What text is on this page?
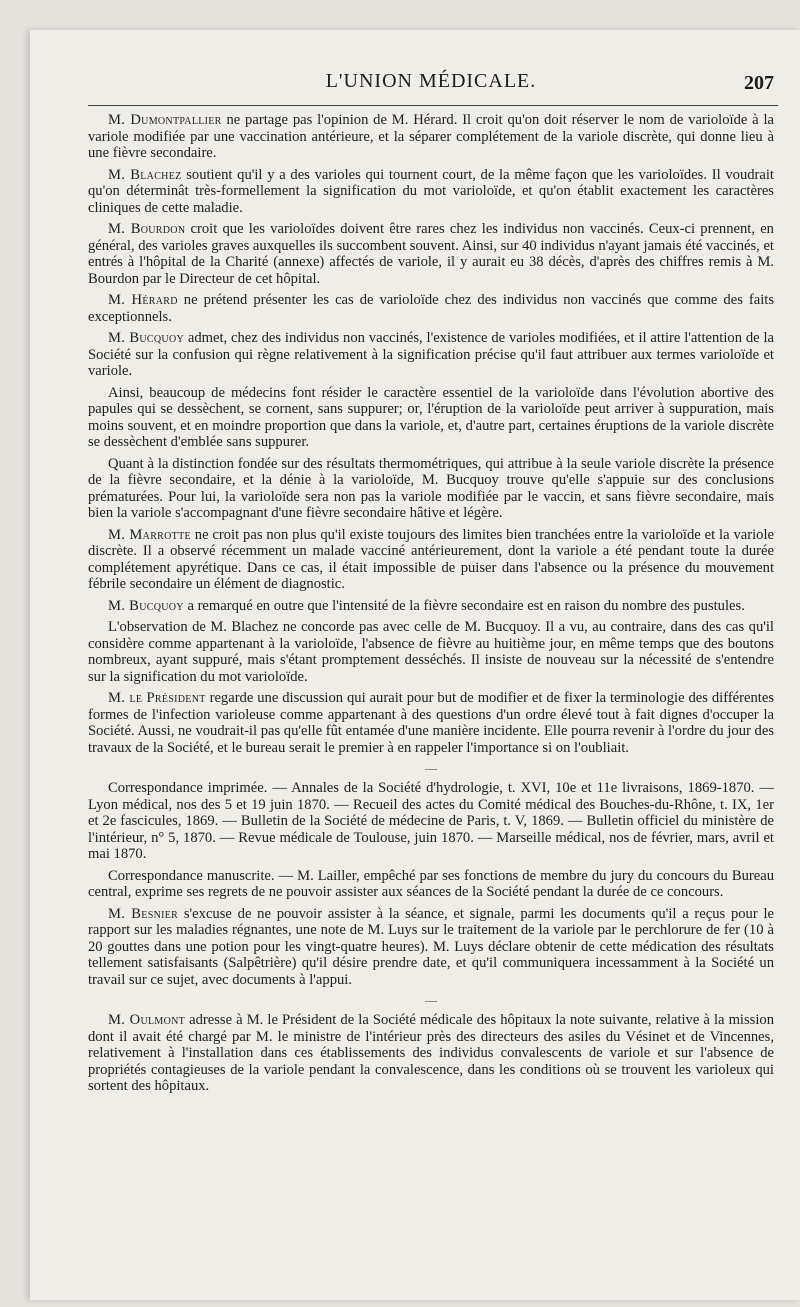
L'UNION MÉDICALE.	207

M. Dumontpallier ne partage pas l'opinion de M. Hérard. Il croit qu'on doit réserver le nom de varioloïde à la variole modifiée par une vaccination antérieure, et la séparer complétement de la variole discrète, qui donne lieu à une fièvre secondaire.

M. Blachez soutient qu'il y a des varioles qui tournent court, de la même façon que les varioloïdes. Il voudrait qu'on déterminât très-formellement la signification du mot varioloïde, et qu'on établit exactement les caractères cliniques de cette maladie.

M. Bourdon croit que les varioloïdes doivent être rares chez les individus non vaccinés. Ceux-ci prennent, en général, des varioles graves auxquelles ils succombent souvent. Ainsi, sur 40 individus n'ayant jamais été vaccinés, et entrés à l'hôpital de la Charité (annexe) affectés de variole, il y aurait eu 38 décès, d'après des chiffres remis à M. Bourdon par le Directeur de cet hôpital.

M. Hérard ne prétend présenter les cas de varioloïde chez des individus non vaccinés que comme des faits exceptionnels.

M. Bucquoy admet, chez des individus non vaccinés, l'existence de varioles modifiées, et il attire l'attention de la Société sur la confusion qui règne relativement à la signification précise qu'il faut attribuer aux termes varioloïde et variole.

Ainsi, beaucoup de médecins font résider le caractère essentiel de la varioloïde dans l'évolution abortive des papules qui se dessèchent, se cornent, sans suppurer; or, l'éruption de la varioloïde peut arriver à suppuration, mais moins souvent, et en moindre proportion que dans la variole, et, d'autre part, certaines éruptions de la variole discrète se dessèchent d'emblée sans suppurer.

Quant à la distinction fondée sur des résultats thermométriques, qui attribue à la seule variole discrète la présence de la fièvre secondaire, et la dénie à la varioloïde, M. Bucquoy trouve qu'elle s'appuie sur des conclusions prématurées. Pour lui, la varioloïde sera non pas la variole modifiée par le vaccin, et sans fièvre secondaire, mais bien la variole s'accompagnant d'une fièvre secondaire hâtive et légère.

M. Marrotte ne croit pas non plus qu'il existe toujours des limites bien tranchées entre la varioloïde et la variole discrète. Il a observé récemment un malade vacciné antérieurement, dont la variole a été pendant toute la durée complétement apyrétique. Dans ce cas, il était impossible de puiser dans l'absence ou la présence du mouvement fébrile secondaire un élément de diagnostic.

M. Bucquoy a remarqué en outre que l'intensité de la fièvre secondaire est en raison du nombre des pustules.

L'observation de M. Blachez ne concorde pas avec celle de M. Bucquoy. Il a vu, au contraire, dans des cas qu'il considère comme appartenant à la varioloïde, l'absence de fièvre au huitième jour, en même temps que des boutons nombreux, ayant suppuré, mais s'étant promptement desséchés. Il insiste de nouveau sur la nécessité de s'entendre sur la signification du mot varioloïde.

M. le Président regarde une discussion qui aurait pour but de modifier et de fixer la terminologie des différentes formes de l'infection varioleuse comme appartenant à des questions d'un ordre élevé tout à fait dignes d'occuper la Société. Aussi, ne voudrait-il pas qu'elle fût entamée d'une manière incidente. Elle pourra revenir à l'ordre du jour des travaux de la Société, et le bureau serait le premier à en rappeler l'importance si on l'oubliait.

—

Correspondance imprimée. — Annales de la Société d'hydrologie, t. XVI, 10e et 11e livraisons, 1869-1870. — Lyon médical, nos des 5 et 19 juin 1870. — Recueil des actes du Comité médical des Bouches-du-Rhône, t. IX, 1er et 2e fascicules, 1869. — Bulletin de la Société de médecine de Paris, t. V, 1869. — Bulletin officiel du ministère de l'intérieur, n° 5, 1870. — Revue médicale de Toulouse, juin 1870. — Marseille médical, nos de février, mars, avril et mai 1870.

Correspondance manuscrite. — M. Lailler, empêché par ses fonctions de membre du jury du concours du Bureau central, exprime ses regrets de ne pouvoir assister aux séances de la Société pendant la durée de ce concours.

M. Besnier s'excuse de ne pouvoir assister à la séance, et signale, parmi les documents qu'il a reçus pour le rapport sur les maladies régnantes, une note de M. Luys sur le traitement de la variole par le perchlorure de fer (10 à 20 gouttes dans une potion pour les vingt-quatre heures). M. Luys déclare obtenir de cette médication des résultats tellement satisfaisants (Salpêtrière) qu'il désire prendre date, et qu'il communiquera incessamment à la Société un travail sur ce sujet, avec documents à l'appui.

—

M. Oulmont adresse à M. le Président de la Société médicale des hôpitaux la note suivante, relative à la mission dont il avait été chargé par M. le ministre de l'intérieur près des directeurs des asiles du Vésinet et de Vincennes, relativement à l'installation dans ces établissements des individus convalescents de variole et sur l'absence de propriétés contagieuses de la variole pendant la convalescence, dans les conditions où se trouvent les varioleux qui sortent des hôpitaux.
